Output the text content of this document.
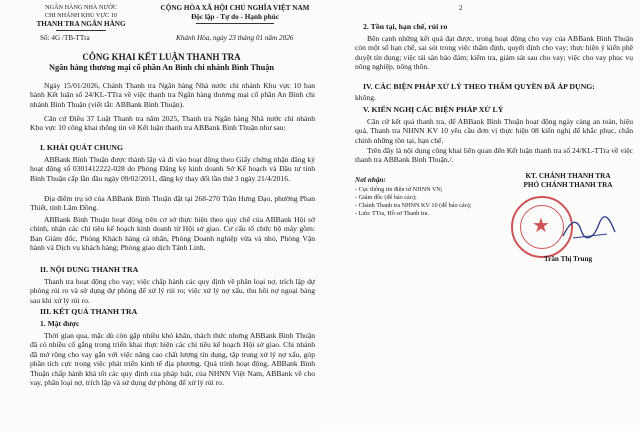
NGÂN HÀNG NHÀ NƯỚC
CHI NHÁNH KHU VỰC 10
THANH TRA NGÂN HÀNG
Số: 4G /TB-TTra
CỘNG HÒA XÃ HỘI CHỦ NGHĨA VIỆT NAM
Độc lập - Tự do - Hạnh phúc
Khánh Hòa, ngày 23 tháng 01 năm 2026
CÔNG KHAI KẾT LUẬN THANH TRA
Ngân hàng thương mại cổ phần An Bình chi nhánh Bình Thuận
Ngày 15/01/2026, Chánh Thanh tra Ngân hàng Nhà nước chi nhánh Khu vực 10 ban hành Kết luận số 24/KL-TTra về việc thanh tra Ngân hàng thương mại cổ phần An Bình chi nhánh Bình Thuận (viết tắt: ABBank Bình Thuận).
Căn cứ Điều 37 Luật Thanh tra năm 2025, Thanh tra Ngân hàng Nhà nước chi nhánh Khu vực 10 công khai thông tin về Kết luận thanh tra ABBank Bình Thuận như sau:
I. KHÁI QUÁT CHUNG
ABBank Bình Thuận được thành lập và đi vào hoạt động theo Giấy chứng nhận đăng ký hoạt động số 0301412222-028 do Phòng Đăng ký kinh doanh Sở Kế hoạch và Đầu tư tỉnh Bình Thuận cấp lần đầu ngày 09/02/2011, đăng ký thay đổi lần thứ 3 ngày 21/4/2016.
Địa điểm trụ sở của ABBank Bình Thuận đặt tại 268-270 Trần Hưng Đạo, phường Phan Thiết, tỉnh Lâm Đồng.
ABBank Bình Thuận hoạt động trên cơ sở thực hiện theo quy chế của ABBank Hội sở chính, nhận các chỉ tiêu kế hoạch kinh doanh từ Hội sở giao. Cơ cấu tổ chức bộ máy gồm: Ban Giám đốc, Phòng Khách hàng cá nhân, Phòng Doanh nghiệp vừa và nhỏ, Phòng Vận hành và Dịch vụ khách hàng; Phòng giao dịch Tánh Linh.
II. NỘI DUNG THANH TRA
Thanh tra hoạt động cho vay; việc chấp hành các quy định về phân loại nợ, trích lập dự phòng rủi ro và sử dụng dự phòng để xử lý rủi ro; việc xử lý nợ xấu, thu hồi nợ ngoại bảng sau khi xử lý rủi ro.
III. KẾT QUẢ THANH TRA
1. Mặt được
Thời gian qua, mặc dù còn gặp nhiều khó khăn, thách thức nhưng ABBank Bình Thuận đã có nhiều cố gắng trong triển khai thực hiện các chỉ tiêu kế hoạch Hội sở giao. Chi nhánh đã mở rộng cho vay gắn với việc nâng cao chất lượng tín dụng, tập trung xử lý nợ xấu, góp phần tích cực trong việc phát triển kinh tế địa phương. Quá trình hoạt động, ABBank Bình Thuận chấp hành khá tốt các quy định của pháp luật, của NHNN Việt Nam, ABBank về cho vay, phân loại nợ, trích lập và sử dụng dự phòng để xử lý rủi ro.
2
2. Tồn tại, hạn chế, rủi ro
Bên cạnh những kết quả đạt được, trong hoạt động cho vay của ABBank Bình Thuận còn một số hạn chế, sai sót trong việc thẩm định, quyết định cho vay; thực hiện ý kiến phê duyệt tín dụng; việc tái sàn bảo đảm; kiểm tra, giám sát sau cho vay; việc cho vay phục vụ nông nghiệp, nông thôn.
IV. CÁC BIỆN PHÁP XỬ LÝ THEO THẨM QUYỀN ĐÃ ÁP DỤNG:
không.
V. KIẾN NGHỊ CÁC BIỆN PHÁP XỬ LÝ
Căn cứ kết quả thanh tra, để ABBank Bình Thuận hoạt động ngày càng an toàn, hiệu quả, Thanh tra NHNN KV 10 yêu cầu đơn vị thực hiện 08 kiến nghị để khắc phục, chấn chỉnh những tồn tại, hạn chế.
Trên đây là nội dung công khai liên quan đến Kết luận thanh tra số 24/KL-TTra về việc thanh tra ABBank Bình Thuận./.
Nơi nhận:
- Cục thông tin điện tử NHNN VN;
- Giám đốc (để báo cáo);
- Chánh Thanh tra NHNN KV 10 (để báo cáo);
- Lưu: TTra, Hồ sơ Thanh tra.
KT. CHÁNH THANH TRA
PHÓ CHÁNH THANH TRA
★
Trần Thị Trung
